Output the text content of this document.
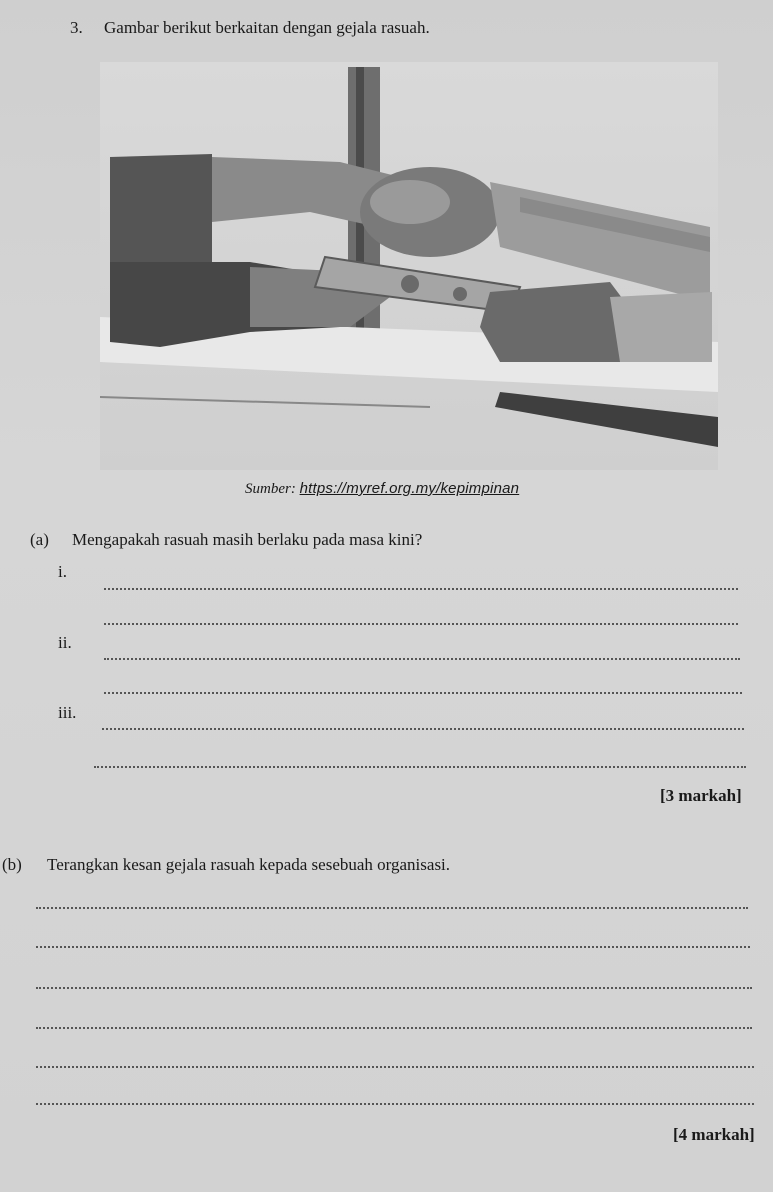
3. Gambar berikut berkaitan dengan gejala rasuah.
Sumber: https://myref.org.my/kepimpinan
(a) Mengapakah rasuah masih berlaku pada masa kini?
i.
ii.
iii.
[3 markah]
(b) Terangkan kesan gejala rasuah kepada sesebuah organisasi.
[4 markah]
